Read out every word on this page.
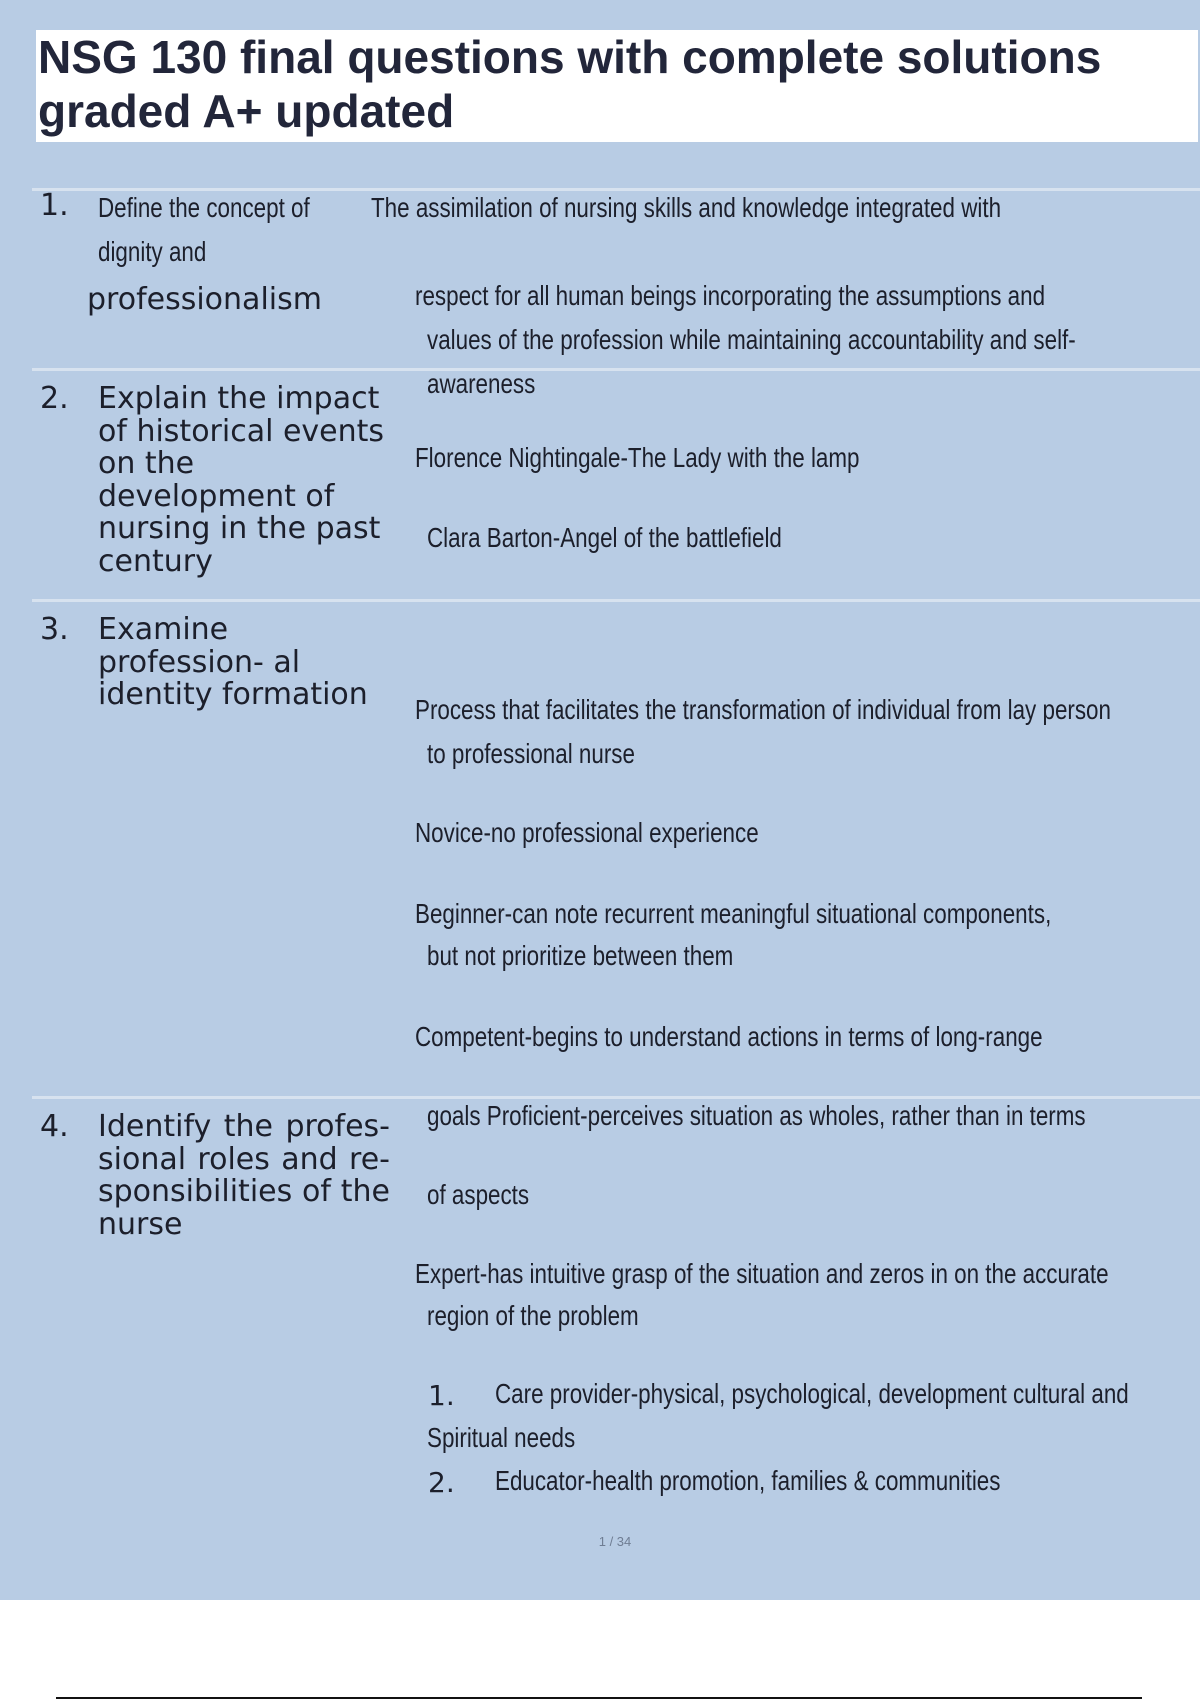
NSG 130 final questions with complete solutions graded A+ updated
1. Define the concept of The assimilation of nursing skills and knowledge integrated with
dignity and
professionalism	respect for all human beings incorporating the assumptions and
values of the profession while maintaining accountability and self-
awareness
2. Explain the impact of historical events on the development of nursing in the past century
Florence Nightingale-The Lady with the lamp
Clara Barton-Angel of the battlefield
3. Examine profession- al identity formation	Process that facilitates the transformation of individual from lay person
to professional nurse
Novice-no professional experience
Beginner-can note recurrent meaningful situational components,
but not prioritize between them
Competent-begins to understand actions in terms of long-range
goals Proficient-perceives situation as wholes, rather than in terms
of aspects
Expert-has intuitive grasp of the situation and zeros in on the accurate
region of the problem
4. Identify the profes- sional roles and re- sponsibilities of the nurse
1. Care provider-physical, psychological, development cultural and
Spiritual needs
2. Educator-health promotion, families & communities
1 / 34
